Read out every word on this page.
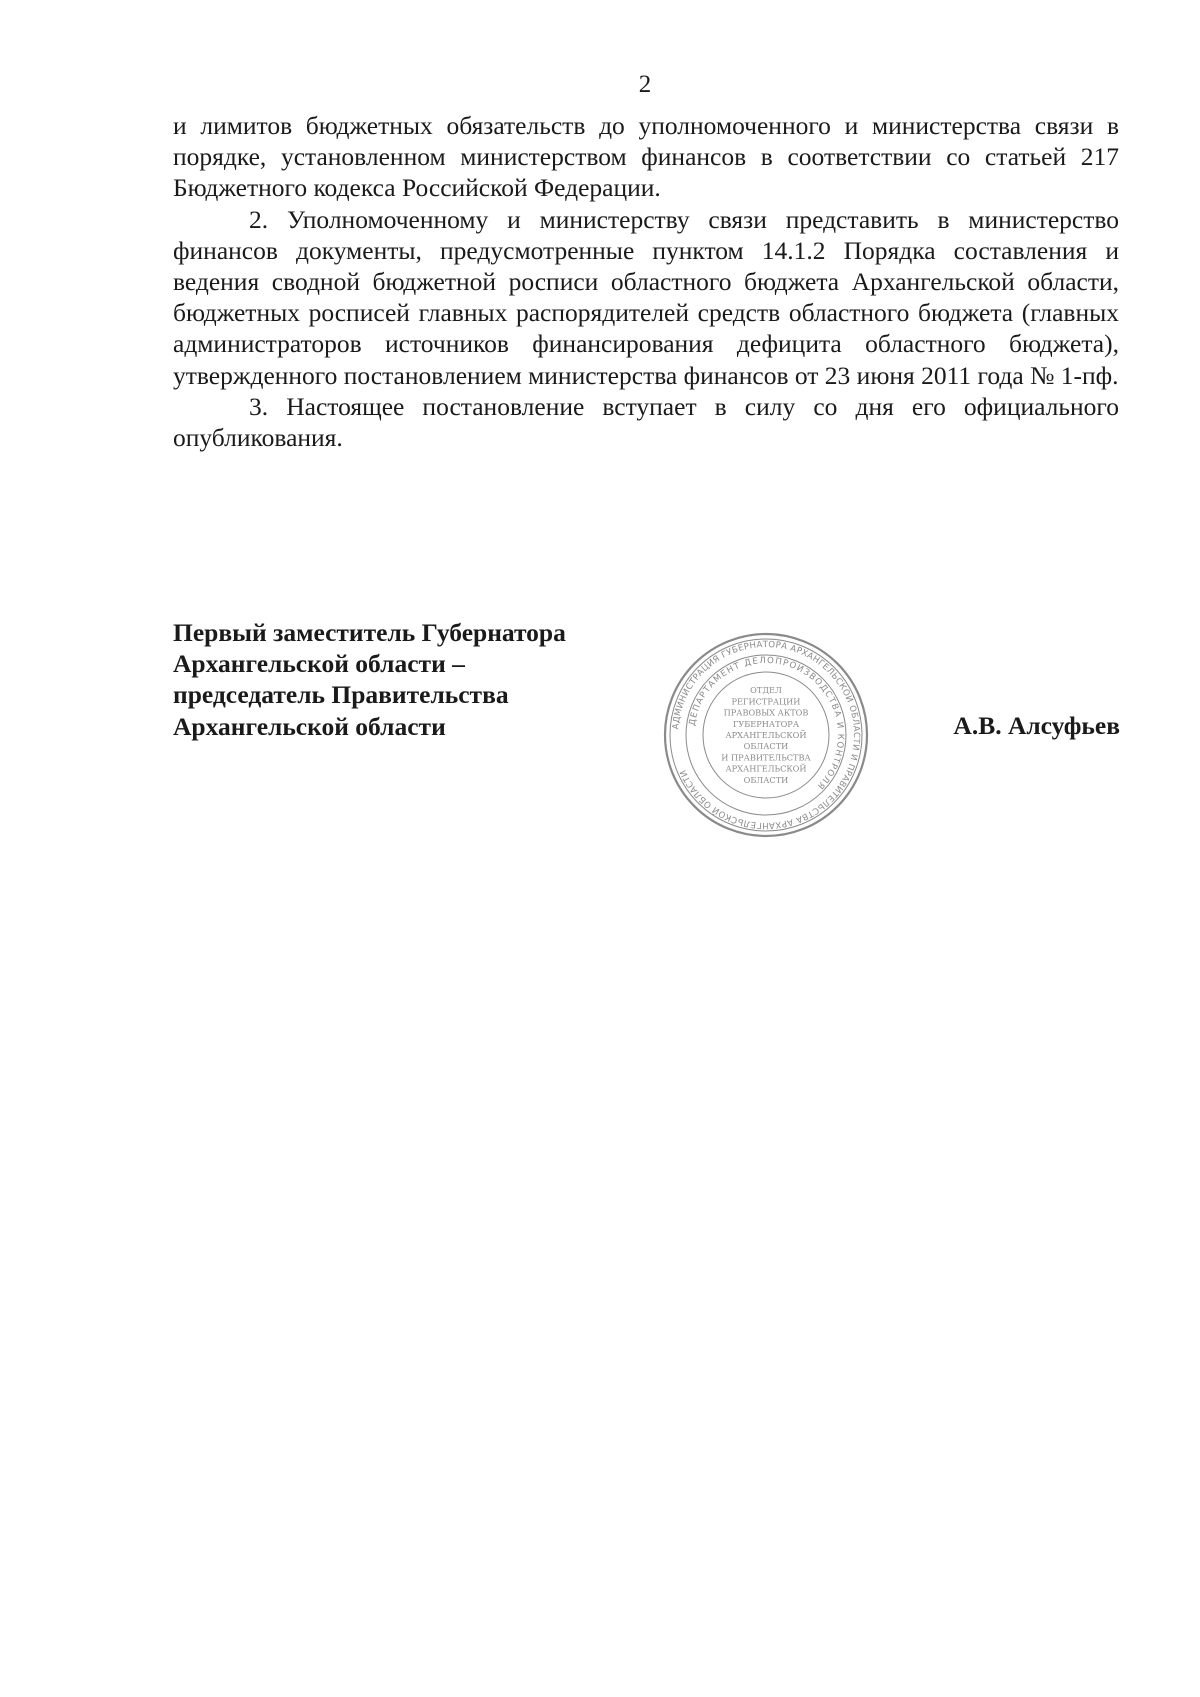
2

и лимитов бюджетных обязательств до уполномоченного и министерства связи в порядке, установленном министерством финансов в соответствии со статьей 217 Бюджетного кодекса Российской Федерации.

2. Уполномоченному и министерству связи представить в министерство финансов документы, предусмотренные пунктом 14.1.2 Порядка составления и ведения сводной бюджетной росписи областного бюджета Архангельской области, бюджетных росписей главных распорядителей средств областного бюджета (главных администраторов источников финансирования дефицита областного бюджета), утвержденного постановлением министерства финансов от 23 июня 2011 года № 1-пф.

3. Настоящее постановление вступает в силу со дня его официального опубликования.

Первый заместитель Губернатора
Архангельской области –
председатель Правительства
Архангельской области	АДМИНИСТРАЦИЯ ГУБЕРНАТОРА АРХАНГЕЛЬСКОЙ ОБЛАСТИ И ПРАВИТЕЛЬСТВА АРХАНГЕЛЬСКОЙ ОБЛАСТИ
ДЕПАРТАМЕНТ ДЕЛОПРОИЗВОДСТВА И КОНТРОЛЯ
ОТДЕЛ
РЕГИСТРАЦИИ
ПРАВОВЫХ АКТОВ
ГУБЕРНАТОРА
АРХАНГЕЛЬСКОЙ
ОБЛАСТИ
И ПРАВИТЕЛЬСТВА
АРХАНГЕЛЬСКОЙ
ОБЛАСТИ
А.В. Алсуфьев
